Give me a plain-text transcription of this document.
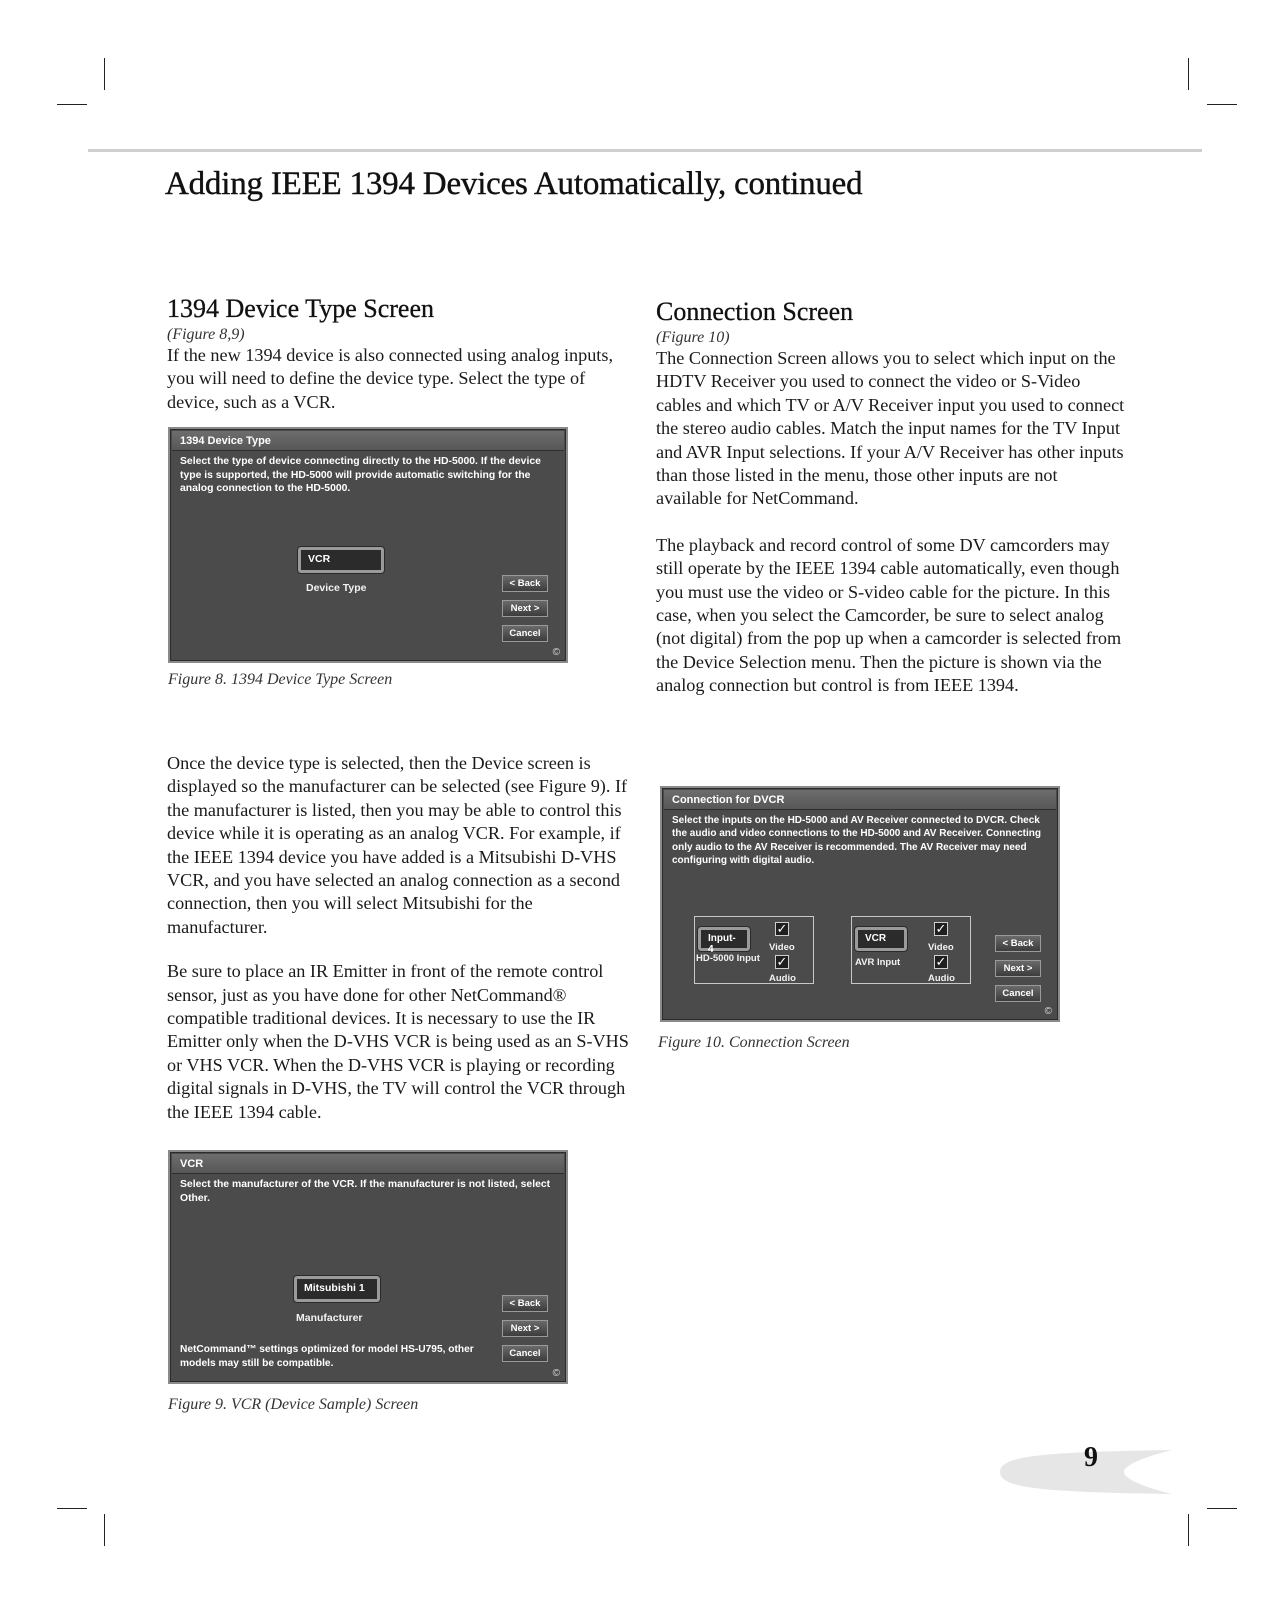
Adding IEEE 1394 Devices Automatically, continued
1394 Device Type Screen
(Figure 8,9)

If the new 1394 device is also connected using analog inputs, you will need to define the device type. Select the type of device, such as a VCR.

1394 Device Type
Select the type of device connecting directly to the HD-5000. If the device type is supported, the HD-5000 will provide automatic switching for the analog connection to the HD-5000.
VCR
Device Type	< Back
Next >
Cancel
©
Figure 8. 1394 Device Type Screen

Once the device type is selected, then the Device screen is displayed so the manufacturer can be selected (see Figure 9). If the manufacturer is listed, then you may be able to control this device while it is operating as an analog VCR. For example, if the IEEE 1394 device you have added is a Mitsubishi D-VHS VCR, and you have selected an analog connection as a second connection, then you will select Mitsubishi for the manufacturer.

Be sure to place an IR Emitter in front of the remote control sensor, just as you have done for other NetCommand® compatible traditional devices. It is necessary to use the IR Emitter only when the D-VHS VCR is being used as an S-VHS or VHS VCR. When the D-VHS VCR is playing or recording digital signals in D-VHS, the TV will control the VCR through the IEEE 1394 cable.

VCR
Select the manufacturer of the VCR. If the manufacturer is not listed, select Other.
Mitsubishi 1
Manufacturer
< Back
Next >
Cancel
NetCommand™ settings optimized for model HS-U795, other models may still be compatible.
©
Figure 9. VCR (Device Sample) Screen
Connection Screen
(Figure 10)

The Connection Screen allows you to select which input on the HDTV Receiver you used to connect the video or S-Video cables and which TV or A/V Receiver input you used to connect the stereo audio cables. Match the input names for the TV Input and AVR Input selections. If your A/V Receiver has other inputs than those listed in the menu, those other inputs are not available for NetCommand.

The playback and record control of some DV camcorders may still operate by the IEEE 1394 cable automatically, even though you must use the video or S-video cable for the picture. In this case, when you select the Camcorder, be sure to select analog (not digital) from the pop up when a camcorder is selected from the Device Selection menu. Then the picture is shown via the analog connection but control is from IEEE 1394.

Connection for DVCR
Select the inputs on the HD-5000 and AV Receiver connected to DVCR. Check the audio and video connections to the HD-5000 and AV Receiver. Connecting only audio to the AV Receiver is recommended. The AV Receiver may need configuring with digital audio.
Input-4
HD-5000 Input
✓
Video
✓
Audio
VCR
AVR Input
✓
Video
✓
Audio
< Back
Next >
Cancel
©
Figure 10. Connection Screen
9
